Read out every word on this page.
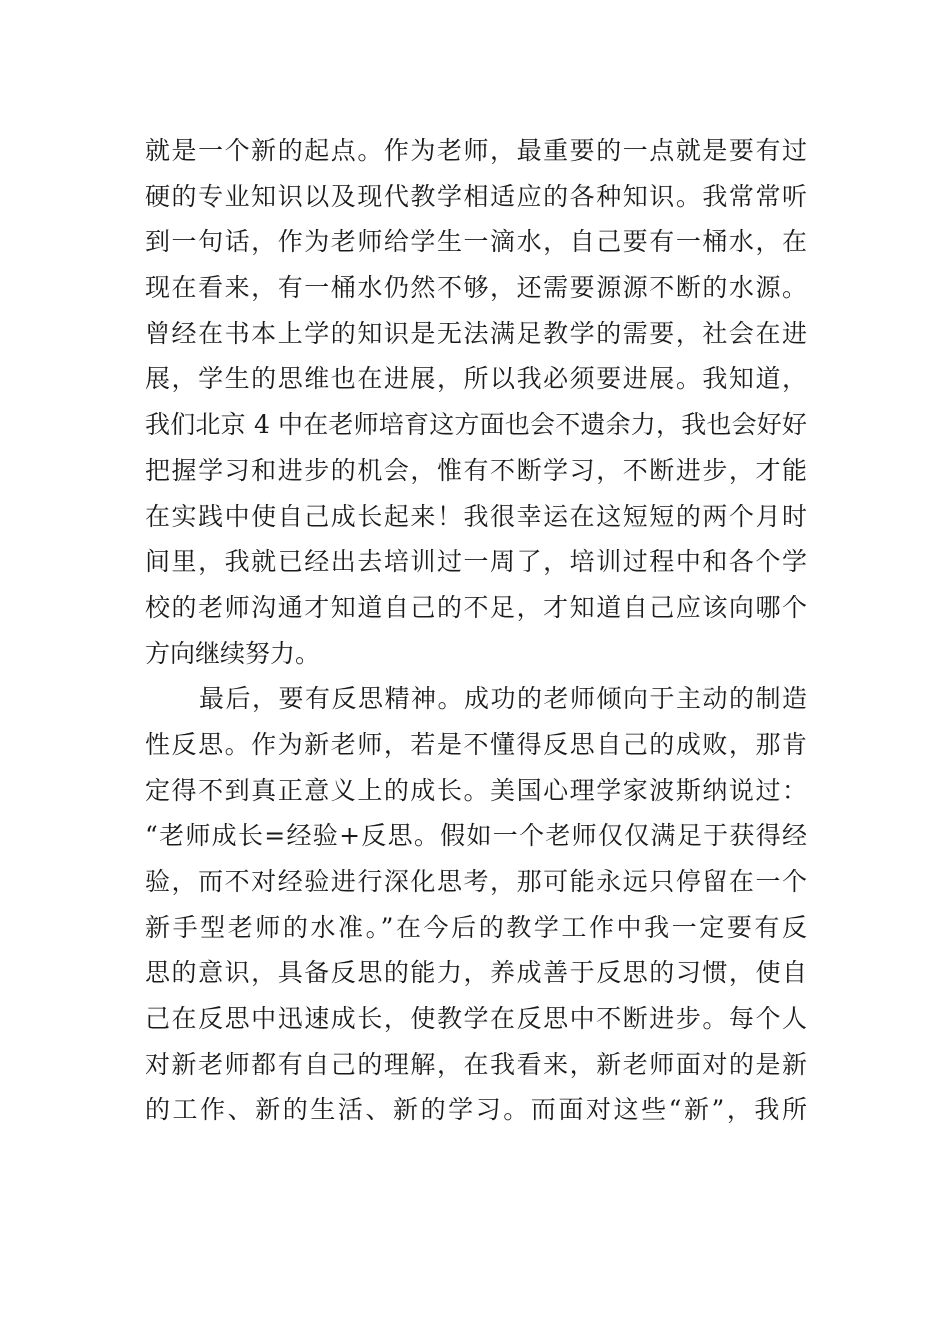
就是一个新的起点。作为老师，最重要的一点就是要有过
硬的专业知识以及现代教学相适应的各种知识。我常常听
到一句话，作为老师给学生一滴水，自己要有一桶水，在
现在看来，有一桶水仍然不够，还需要源源不断的水源。
曾经在书本上学的知识是无法满足教学的需要，社会在进
展，学生的思维也在进展，所以我必须要进展。我知道，
我们北京 4 中在老师培育这方面也会不遗余力，我也会好好
把握学习和进步的机会，惟有不断学习，不断进步，才能
在实践中使自己成长起来！我很幸运在这短短的两个月时
间里，我就已经出去培训过一周了，培训过程中和各个学
校的老师沟通才知道自己的不足，才知道自己应该向哪个
方向继续努力。
最后，要有反思精神。成功的老师倾向于主动的制造
性反思。作为新老师，若是不懂得反思自己的成败，那肯
定得不到真正意义上的成长。美国心理学家波斯纳说过：
“老师成长=经验+反思。假如一个老师仅仅满足于获得经
验，而不对经验进行深化思考，那可能永远只停留在一个
新手型老师的水准。”在今后的教学工作中我一定要有反
思的意识，具备反思的能力，养成善于反思的习惯，使自
己在反思中迅速成长，使教学在反思中不断进步。每个人
对新老师都有自己的理解，在我看来，新老师面对的是新
的工作、新的生活、新的学习。而面对这些“新”，我所
